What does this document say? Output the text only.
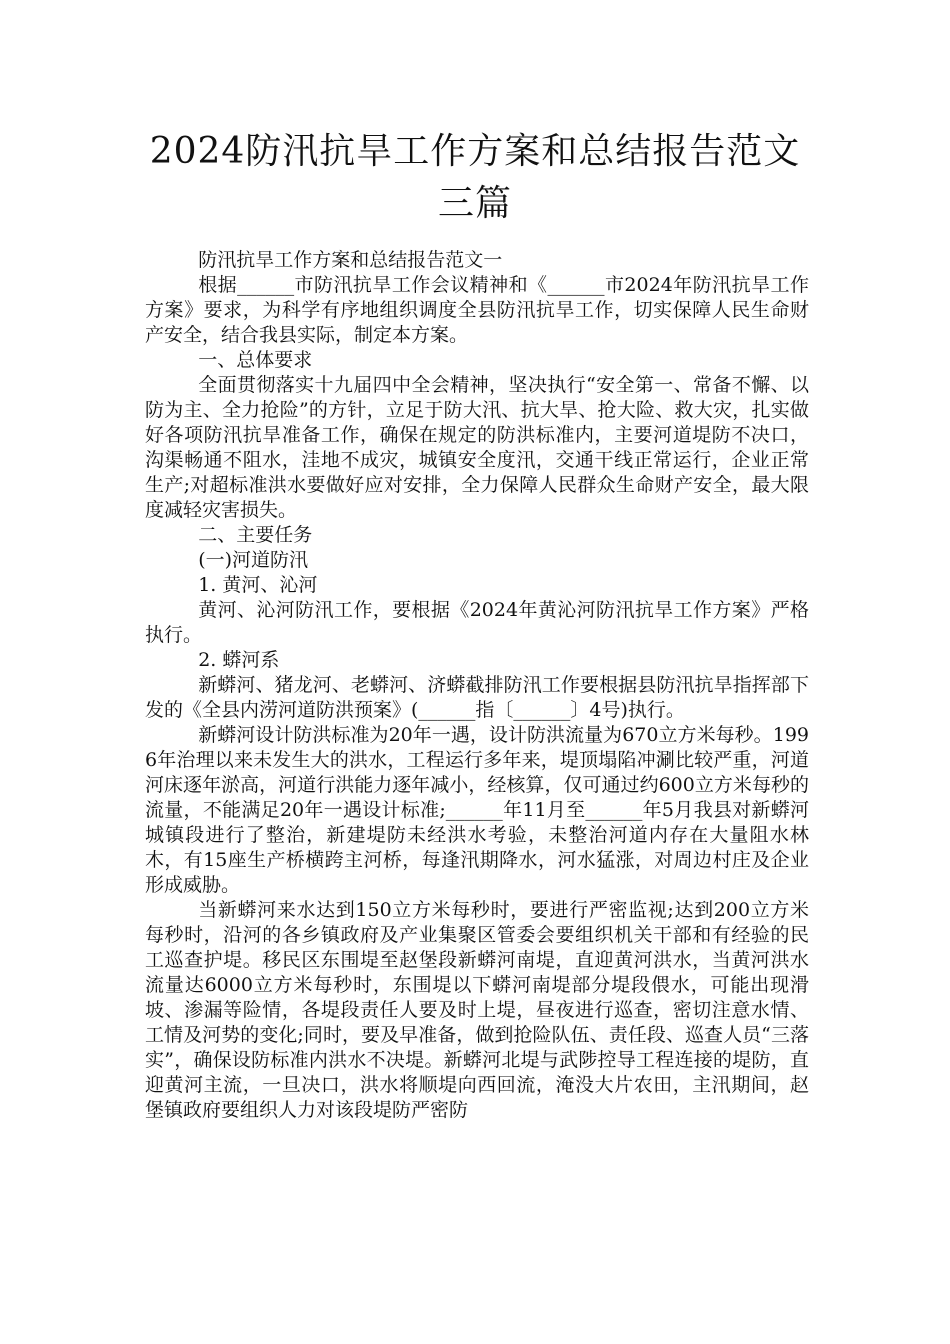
2024防汛抗旱工作方案和总结报告范文三篇

防汛抗旱工作方案和总结报告范文一

根据______市防汛抗旱工作会议精神和《______市2024年防汛抗旱工作方案》要求，为科学有序地组织调度全县防汛抗旱工作，切实保障人民生命财产安全，结合我县实际，制定本方案。

一、总体要求

全面贯彻落实十九届四中全会精神，坚决执行“安全第一、常备不懈、以防为主、全力抢险”的方针，立足于防大汛、抗大旱、抢大险、救大灾，扎实做好各项防汛抗旱准备工作，确保在规定的防洪标准内，主要河道堤防不决口，沟渠畅通不阻水，洼地不成灾，城镇安全度汛，交通干线正常运行，企业正常生产;对超标准洪水要做好应对安排，全力保障人民群众生命财产安全，最大限度减轻灾害损失。

二、主要任务

(一)河道防汛

1. 黄河、沁河

黄河、沁河防汛工作，要根据《2024年黄沁河防汛抗旱工作方案》严格执行。

2. 蟒河系

新蟒河、猪龙河、老蟒河、济蟒截排防汛工作要根据县防汛抗旱指挥部下发的《全县内涝河道防洪预案》(______指〔______〕4号)执行。

新蟒河设计防洪标准为20年一遇，设计防洪流量为670立方米每秒。1996年治理以来未发生大的洪水，工程运行多年来，堤顶塌陷冲涮比较严重，河道河床逐年淤高，河道行洪能力逐年减小，经核算，仅可通过约600立方米每秒的流量，不能满足20年一遇设计标准;______年11月至______年5月我县对新蟒河城镇段进行了整治，新建堤防未经洪水考验，未整治河道内存在大量阻水林木，有15座生产桥横跨主河桥，每逢汛期降水，河水猛涨，对周边村庄及企业形成威胁。

当新蟒河来水达到150立方米每秒时，要进行严密监视;达到200立方米每秒时，沿河的各乡镇政府及产业集聚区管委会要组织机关干部和有经验的民工巡查护堤。移民区东围堤至赵堡段新蟒河南堤，直迎黄河洪水，当黄河洪水流量达6000立方米每秒时，东围堤以下蟒河南堤部分堤段偎水，可能出现滑坡、渗漏等险情，各堤段责任人要及时上堤，昼夜进行巡查，密切注意水情、工情及河势的变化;同时，要及早准备，做到抢险队伍、责任段、巡查人员“三落实”，确保设防标准内洪水不决堤。新蟒河北堤与武陟控导工程连接的堤防，直迎黄河主流，一旦决口，洪水将顺堤向西回流，淹没大片农田，主汛期间，赵堡镇政府要组织人力对该段堤防严密防
